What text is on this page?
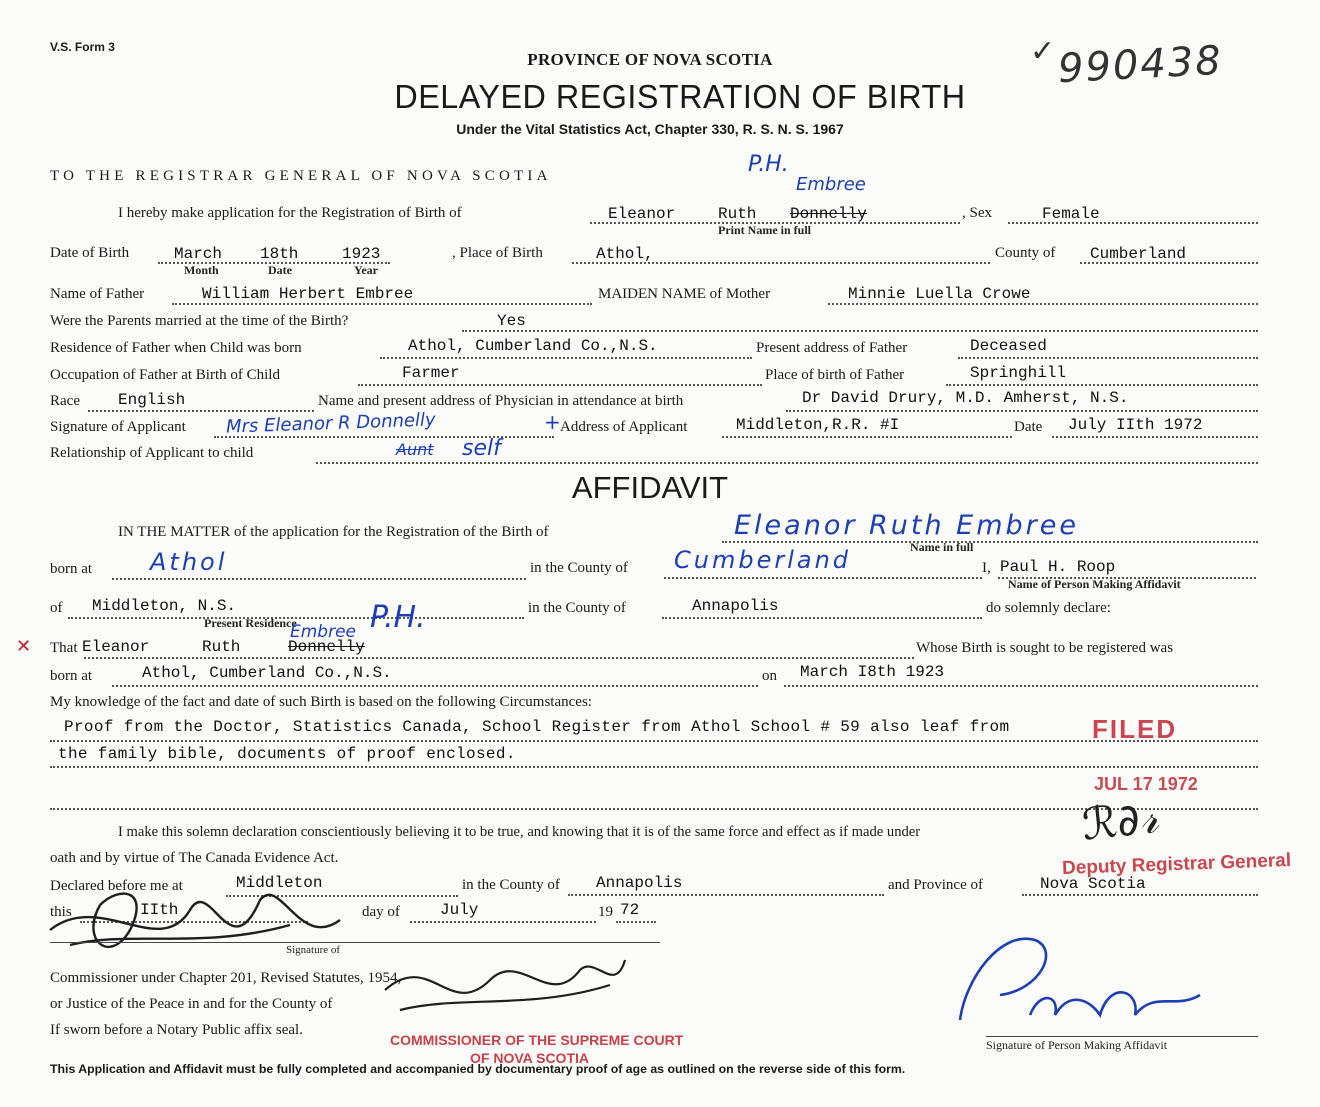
V.S. Form 3
PROVINCE OF NOVA SCOTIA
DELAYED REGISTRATION OF BIRTH
Under the Vital Statistics Act, Chapter 330, R. S. N. S. 1967
✓ 990438
TO THE REGISTRAR GENERAL OF NOVA SCOTIA	P.H.
Embree
I hereby make application for the Registration of Birth of	Eleanor	Ruth Donnelly
Print Name in full
, Sex	Female
Date of Birth	March 18th	1923
Month	Date	Year
, Place of Birth	Athol,	County of Cumberland
Name of Father	William Herbert Embree	MAIDEN NAME of Mother	Minnie Luella Crowe
Were the Parents married at the time of the Birth?	Yes
Residence of Father when Child was born	Athol, Cumberland Co.,N.S.	Present address of Father	Deceased
Occupation of Father at Birth of Child	Farmer	Place of birth of Father	Springhill
Race English	Name and present address of Physician in attendance at birth	Dr David Drury, M.D. Amherst, N.S.
Signature of Applicant Mrs Eleanor R Donnelly	+ Address of Applicant	Middleton,R.R. #I	Date July IIth 1972
Relationship of Applicant to child	Aunt self
AFFIDAVIT
IN THE MATTER of the application for the Registration of the Birth of	Eleanor Ruth Embree
Name in full
born at Athol	in the County of Cumberland	I, Paul H. Roop
Name of Person Making Affidavit
of Middleton, N.S.
Present Residence
in the County of	Annapolis	do solemnly declare:
✕ That Eleanor	Ruth	Donnelly
Embree P.H.
Whose Birth is sought to be registered was
born at	Athol, Cumberland Co.,N.S.	on March I8th 1923
My knowledge of the fact and date of such Birth is based on the following Circumstances:
Proof from the Doctor, Statistics Canada, School Register from Athol School # 59 also leaf from
the family bible, documents of proof enclosed.
FILED
JUL 17 1972
I make this solemn declaration conscientiously believing it to be true, and knowing that it is of the same force and effect as if made under
oath and by virtue of The Canada Evidence Act.	Deputy Registrar General
ℛ∂𝓇
Declared before me at	Middleton	in the County of Annapolis	and Province of	Nova Scotia
this	IIth	day of	July	19 72
Signature of
Commissioner under Chapter 201, Revised Statutes, 1954,
or Justice of the Peace in and for the County of
If sworn before a Notary Public affix seal.
COMMISSIONER OF THE SUPREME COURT
OF NOVA SCOTIA
Signature of Person Making Affidavit
This Application and Affidavit must be fully completed and accompanied by documentary proof of age as outlined on the reverse side of this form.
